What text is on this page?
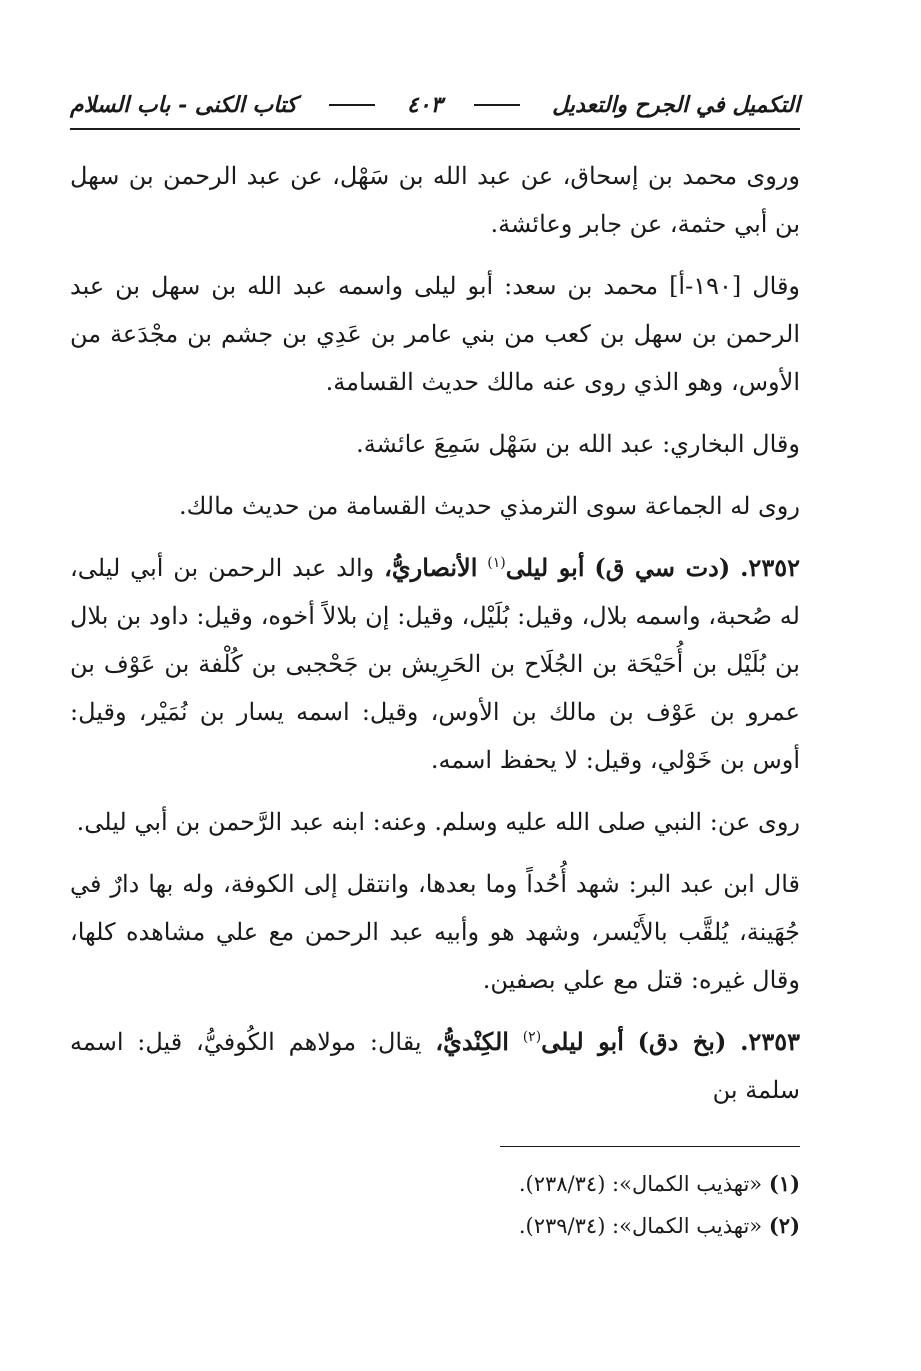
التكميل في الجرح والتعديل
٤٠٣
كتاب الكنى - باب السلام

وروى محمد بن إسحاق، عن عبد الله بن سَهْل، عن عبد الرحمن بن سهل بن أبي حثمة، عن جابر وعائشة.

وقال [١٩٠-أ] محمد بن سعد: أبو ليلى واسمه عبد الله بن سهل بن عبد الرحمن بن سهل بن كعب من بني عامر بن عَدِي بن جشم بن مجْدَعة من الأوس، وهو الذي روى عنه مالك حديث القسامة.

وقال البخاري: عبد الله بن سَهْل سَمِعَ عائشة.

روى له الجماعة سوى الترمذي حديث القسامة من حديث مالك.

٢٣٥٢. (دت سي ق) أبو ليلى$^{(١)}$ الأنصاريُّ، والد عبد الرحمن بن أبي ليلى، له صُحبة، واسمه بلال، وقيل: بُلَيْل، وقيل: إن بلالاً أخوه، وقيل: داود بن بلال بن بُلَيْل بن أُحَيْحَة بن الجُلَاح بن الحَرِيش بن جَحْجبى بن كُلْفة بن عَوْف بن عمرو بن عَوْف بن مالك بن الأوس، وقيل: اسمه يسار بن نُمَيْر، وقيل: أوس بن خَوْلي، وقيل: لا يحفظ اسمه.

روى عن: النبي صلى الله عليه وسلم. وعنه: ابنه عبد الرَّحمن بن أبي ليلى.

قال ابن عبد البر: شهد أُحُداً وما بعدها، وانتقل إلى الكوفة، وله بها دارٌ في جُهَينة، يُلقَّب بالأَيْسر، وشهد هو وأبيه عبد الرحمن مع علي مشاهده كلها، وقال غيره: قتل مع علي بصفين.

٢٣٥٣. (بخ دق) أبو ليلى$^{(٢)}$ الكِنْديُّ، يقال: مولاهم الكُوفيُّ، قيل: اسمه سلمة بن

(١) «تهذيب الكمال»: (٢٣٨/٣٤).

(٢) «تهذيب الكمال»: (٢٣٩/٣٤).
